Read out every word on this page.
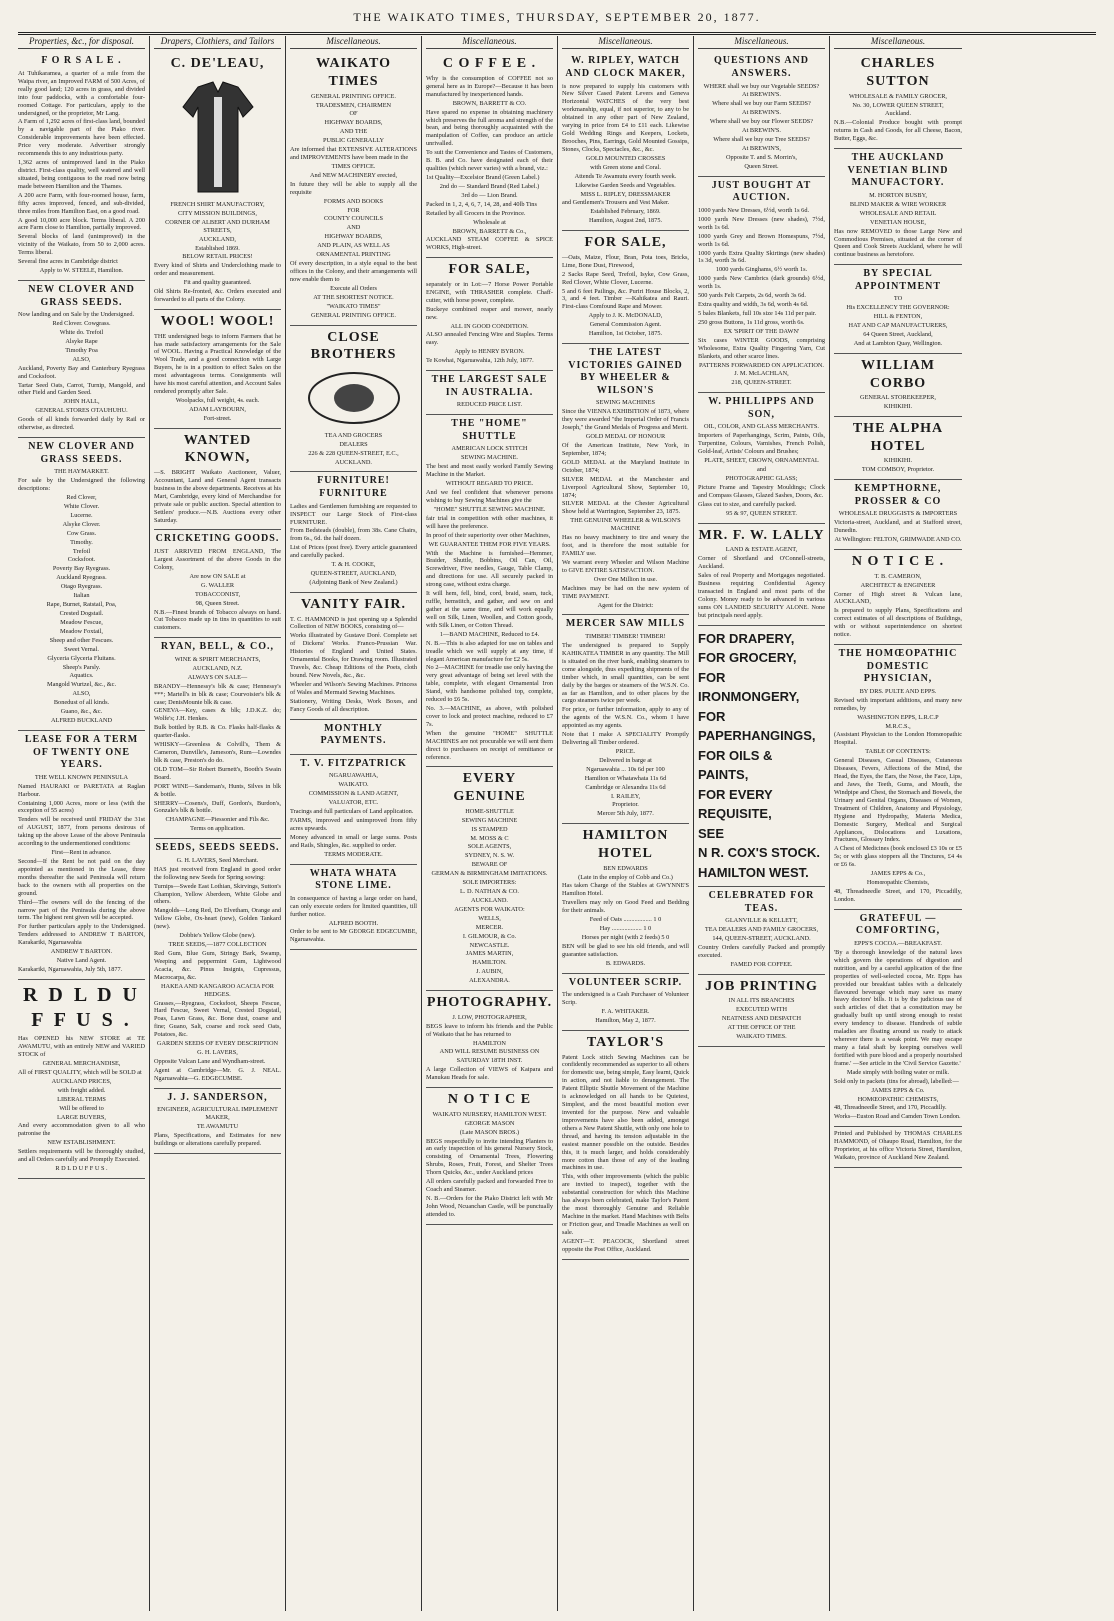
THE WAIKATO TIMES, THURSDAY, SEPTEMBER 20, 1877.
Properties, &c., for disposal.
F O R S A L E .
At Tuhikaramea, a quarter of a mile from the Waipa river, an Improved FARM of 500 Acres, of really good land; 120 acres in grass, and divided into four paddocks, with a comfortable four-roomed Cottage. For particulars, apply to the undersigned, or the proprietor, Mr Lang.
A Farm of 1,292 acres of first-class land, bounded by a navigable part of the Piako river. Considerable improvements have been effected. Price very moderate. Advertiser strongly recommends this to any industrious party.
1,362 acres of unimproved land in the Piako district. First-class quality, well watered and well situated, being contiguous to the road now being made between Hamilton and the Thames.
A 200 acre Farm, with four-roomed house, farm, fifty acres improved, fenced, and sub-divided, three miles from Hamilton East, on a good road.
A good 10,000 acre block. Terms liberal. A 200 acre Farm close to Hamilton, partially improved.
Several blocks of land (unimproved) in the vicinity of the Waikato, from 50 to 2,000 acres. Terms liberal.
Several fine acres in Cambridge district
Apply to W. STEELE, Hamilton.
NEW CLOVER AND GRASS SEEDS.
Now landing and on Sale by the Undersigned.
Red Clover. Cowgrass.
White do. Trefoil
Alsyke Rape
Timothy Poa
ALSO,
Auckland, Poverty Bay and Canterbury Ryegrass and Cocksfoot.
Tartar Seed Oats, Carrot, Turnip, Mangold, and other Field and Garden Seed.
JOHN HALL,
GENERAL STORES OTAUHUHU.
Goods of all kinds forwarded daily by Rail or otherwise, as directed.
NEW CLOVER AND GRASS SEEDS.
THE HAYMARKET.
For sale by the Undersigned the following descriptions:
Red Clover,
White Clover.
Lucerne.
Alsyke Clover.
Cow Grass.
Timothy.
Trefoil
Cocksfoot.
Poverty Bay Ryegrass.
Auckland Ryegrass.
Otago Ryegrass.
Italian
Rape, Burnet, Ratstail, Poa,
Crested Dogstail.
Meadow Fescue,
Meadow Foxtail,
Sheep and other Fescues.
Sweet Vernal.
Glyceria Glyceria Fluitans.
Sheep's Parsly.
Aquatics.
Mangold Wurtzel, &c., &c.
ALSO,
Bonedust of all kinds.
Guano, &c., &c.
ALFRED BUCKLAND
LEASE FOR A TERM OF TWENTY ONE YEARS.
THE WELL KNOWN PENINSULA
Named HAURAKI or PARETATA at Raglan Harbour.
Containing 1,000 Acres, more or less (with the exception of 55 acres)
Tenders will be received until FRIDAY the 31st of AUGUST, 1877, from persons desirous of taking up the above Lease of the above Peninsula according to the undermentioned conditions:
First—Rent in advance.
Second—If the Rent be not paid on the day appointed as mentioned in the Lease, three months thereafter the said Peninsula will return back to the owners with all properties on the ground.
Third—The owners will do the fencing of the narrow part of the Peninsula during the above term. The highest rent given will be accepted.
For further particulars apply to the Undersigned. Tenders addressed to ANDREW T BARTON, Karakariki, Ngaruawahia
ANDREW T BARTON.
Native Land Agent.
Karakariki, Ngaruawahia, July 5th, 1877.
R D L D U F F U S .
Has OPENED his NEW STORE at TE AWAMUTU, with an entirely NEW and VARIED STOCK of
GENERAL MERCHANDISE,
All of FIRST QUALITY, which will be SOLD at
AUCKLAND PRICES,
with freight added.
LIBERAL TERMS
Will be offered to
LARGE BUYERS,
And every accommodation given to all who patronise the
NEW ESTABLISHMENT.
Settlers requirements will be thoroughly studied, and all Orders carefully and Promptly Executed.
R D L D U F F U S .
Drapers, Clothiers, and Tailors
C. DE'LEAU,
FRENCH SHIRT MANUFACTORY,
CITY MISSION BUILDINGS,
CORNER OF ALBERT AND DURHAM STREETS,
AUCKLAND,
Established 1869.
BELOW RETAIL PRICES!
Every kind of Shirts and Underclothing made to order and measurement.
Fit and quality guaranteed.
Old Shirts Re-fronted, &c. Orders executed and forwarded to all parts of the Colony.
WOOL! WOOL!
THE undersigned begs to inform Farmers that he has made satisfactory arrangements for the Sale of WOOL. Having a Practical Knowledge of the Wool Trade, and a good connection with Large Buyers, he is in a position to effect Sales on the most advantageous terms. Consignments will have his most careful attention, and Account Sales rendered promptly after Sale.
Woolpacks, full weight, 4s. each.
ADAM LAYBOURN,
Fort-street.
WANTED KNOWN,
—S. BRIGHT Waikato Auctioneer, Valuer, Accountant, Land and General Agent transacts business in the above departments. Receives at his Mart, Cambridge, every kind of Merchandise for private sale or public auction. Special attention to Settlers' produce.—N.B. Auctions every other Saturday.
CRICKETING GOODS.
JUST ARRIVED FROM ENGLAND, The Largest Assortment of the above Goods in the Colony,
Are now ON SALE at
G. WALLER
TOBACCONIST,
98, Queen Street.
N.B.—Finest brands of Tobacco always on hand. Cut Tobacco made up in tins in quantities to suit customers.
RYAN, BELL, & CO.,
WINE & SPIRIT MERCHANTS,
AUCKLAND, N.Z.
ALWAYS ON SALE—
BRANDY—Hennessy's blk & case; Hennessy's ***; Martell's in blk & case; Courvoisier's blk & case; DenisMounie blk & case.
GENEVA—Key, cases & blk; J.D.K.Z. do; Wolfe's; J.H. Henkes.
Bulk bottled by R.B. & Co. Flasks half-flasks & quarter-flasks.
WHISKY—Greenless & Colvill's, Them & Cameron, Dunville's, Jameson's, Rum—Lowndes blk & case, Preston's do do.
OLD TOM—Sir Robert Burnett's, Booth's Swain Board.
PORT WINE—Sandeman's, Hunts, Silves in blk & bottle.
SHERRY—Cosens's, Duff, Gordon's, Burdon's, Gonzale's blk & bottle.
CHAMPAGNE—Piessonier and Fils &c.
Terms on application.
SEEDS, SEEDS SEEDS.
G. H. LAVERS, Seed Merchant.
HAS just received from England in good order the following new Seeds for Spring sowing:
Turnips—Swede East Lothian, Skirvings, Sutton's Champion, Yellow Aberdeen, White Globe and others.
Mangolds—Long Red, Do Elvetham, Orange and Yellow Globe, Ox-heart (new), Golden Tankard (new).
Dobbie's Yellow Globe (new).
TREE SEEDS,—1877 COLLECTION
Red Gum, Blue Gum, Stringy Bark, Swamp, Weeping and peppermint Gum, Lightwood Acacia, &c. Pinus Insignis, Cupressus, Macrocarpa, &c.
HAKEA AND KANGAROO ACACIA FOR HEDGES.
Grasses,—Ryegrass, Cocksfoot, Sheeps Fescue, Hard Fescue, Sweet Vernal, Crested Dogstail, Poas, Lawn Grass, &c. Bone dust, coarse and fine; Guano, Salt, coarse and rock seed Oats, Potatoes, &c.
GARDEN SEEDS OF EVERY DESCRIPTION
G. H. LAVERS,
Opposite Vulcan Lane and Wyndham-street.
Agent at Cambridge—Mr. G. J. NEAL. Ngaruawahia—G. EDGECUMBE.
J. J. SANDERSON,
ENGINEER, AGRICULTURAL IMPLEMENT MAKER,
TE AWAMUTU
Plans, Specifications, and Estimates for new buildings or alterations carefully prepared.
Miscellaneous.
WAIKATO TIMES
GENERAL PRINTING OFFICE.
TRADESMEN, CHAIRMEN
OF
HIGHWAY BOARDS,
AND THE
PUBLIC GENERALLY
Are informed that EXTENSIVE ALTERATIONS and IMPROVEMENTS have been made in the
TIMES OFFICE.
And NEW MACHINERY erected,
In future they will be able to supply all the requisite
FORMS AND BOOKS
FOR
COUNTY COUNCILS
AND
HIGHWAY BOARDS,
AND PLAIN, AS WELL AS
ORNAMENTAL PRINTING
Of every description, in a style equal to the best offices in the Colony, and their arrangements will now enable them to
Execute all Orders
AT THE SHORTEST NOTICE.
"WAIKATO TIMES"
GENERAL PRINTING OFFICE.
CLOSE BROTHERS
TEA AND GROCERS
DEALERS
226 & 228 QUEEN-STREET, E.C.,
AUCKLAND.
FURNITURE! FURNITURE
Ladies and Gentlemen furnishing are requested to INSPECT our Large Stock of First-class FURNITURE.
From Bedsteads (double), from 38s. Cane Chairs, from 6s., 6d. the half dozen.
List of Prices (post free). Every article guaranteed and carefully packed.
T. & H. COOKE,
QUEEN-STREET, AUCKLAND,
(Adjoining Bank of New Zealand.)
VANITY FAIR.
T. C. HAMMOND is just opening up a Splendid Collection of NEW BOOKS, consisting of—
Works illustrated by Gustave Doré. Complete set of Dickens' Works. Franco-Prussian War. Histories of England and United States. Ornamental Books, for Drawing room. Illustrated Travels, &c. Cheap Editions of the Poets, cloth bound. New Novels, &c., &c.
Wheeler and Wilson's Sewing Machines. Princess of Wales and Mermaid Sewing Machines.
Stationery, Writing Desks, Work Boxes, and Fancy Goods of all description.
MONTHLY PAYMENTS.
T. V. FITZPATRICK
NGARUAWAHIA,
WAIKATO.
COMMISSION & LAND AGENT,
VALUATOR, ETC.
Tracings and full particulars of Land application.
FARMS, improved and unimproved from fifty acres upwards.
Money advanced in small or large sums. Posts and Rails, Shingles, &c. supplied to order.
TERMS MODERATE.
WHATA WHATA STONE LIME.
In consequence of having a large order on hand, can only execute orders for limited quantities, till further notice.
ALFRED BOOTH.
Order to be sent to Mr GEORGE EDGECUMBE, Ngaruawahia.
Miscellaneous.
C O F F E E .
Why is the consumption of COFFEE not so general here as in Europe?—Because it has been manufactured by inexperienced hands.
BROWN, BARRETT & CO.
Have spared no expense in obtaining machinery which preserves the full aroma and strength of the bean, and being thoroughly acquainted with the manipulation of Coffee, can produce an article unrivalled.
To suit the Convenience and Tastes of Customers, B. B. and Co. have designated each of their qualities (which never varies) with a brand, viz.:
1st Quality—Excelsior Brand (Green Label.)
2nd do — Standard Brand (Red Label.)
3rd do — Lion Brand.
Packed in 1, 2, 4, 6, 7, 14, 28, and 40lb Tins
Retailed by all Grocers in the Province.
Wholesale at
BROWN, BARRETT & Co.,
AUCKLAND STEAM COFFEE & SPICE WORKS, High-street.
FOR SALE,
separately or in Lot:—7 Horse Power Portable ENGINE, with THRASHER complete. Chaff-cutter, with horse power, complete.
Buckeye combined reaper and mower, nearly new.
ALL IN GOOD CONDITION.
ALSO annealed Fencing Wire and Staples. Terms easy.
Apply to HENRY BYRON.
Te Kowhai, Ngaruawahia, 12th July, 1877.
THE LARGEST SALE IN AUSTRALIA.
REDUCED PRICE LIST.
THE "HOME" SHUTTLE
AMERICAN LOCK STITCH
SEWING MACHINE.
The best and most easily worked Family Sewing Machine in the Market.
WITHOUT REGARD TO PRICE.
And we feel confident that whenever persons wishing to buy Sewing Machines give the
"HOME" SHUTTLE SEWING MACHINE.
fair trial in competition with other machines, it will have the preference.
In proof of their superiority over other Machines,
WE GUARANTEE THEM FOR FIVE YEARS.
With the Machine is furnished—Hemmer, Braider, Shuttle, Bobbins, Oil Can, Oil, Screwdriver, Five needles, Gauge, Table Clamp, and directions for use. All securely packed in strong case, without extra charge.
It will hem, fell, bind, cord, braid, seam, tuck, ruffle, hemstitch, and gather, and sew on and gather at the same time, and will work equally well on Silk, Linen, Woollen, and Cotton goods, with Silk Linen, or Cotton Thread.
1—BAND MACHINE, Reduced to £4.
N. B.—This is also adapted for use on tables and treadle which we will supply at any time, if elegant American manufacture for £2 5s.
No 2—MACHINE for treadle use only having the very great advantage of being set level with the table, complete, with elegant Ornamental Iron Stand, with handsome polished top, complete, reduced to £6 5s.
No. 3.—MACHINE, as above, with polished cover to lock and protect machine, reduced to £7 7s.
When the genuine "HOME" SHUTTLE MACHINES are not procurable we will sent them direct to purchasers on receipt of remittance or reference.
EVERY GENUINE
HOME-SHUTTLE
SEWING MACHINE
IS STAMPED
M. MOSS & C
SOLE AGENTS,
SYDNEY, N. S. W.
BEWARE OF
GERMAN & BIRMINGHAM IMITATIONS.
SOLE IMPORTERS:
L. D. NATHAN & CO.
AUCKLAND.
AGENTS FOR WAIKATO:
WELLS,
MERCER.
I. GILMOUR, & Co.
NEWCASTLE.
JAMES MARTIN,
HAMILTON.
J. AUBIN,
ALEXANDRA.
PHOTOGRAPHY.
J. LOW, PHOTOGRAPHER,
BEGS leave to inform his friends and the Public of Waikato that he has returned to
HAMILTON
AND WILL RESUME BUSINESS ON
SATURDAY 18TH INST.
A large Collection of VIEWS of Kaipara and Manukau Heads for sale.
N O T I C E
WAIKATO NURSERY, HAMILTON WEST.
GEORGE MASON
(Late MASON BROS.)
BEGS respectfully to invite intending Planters to an early inspection of his general Nursery Stock, consisting of Ornamental Trees, Flowering Shrubs, Roses, Fruit, Forest, and Shelter Trees Thorn Quicks, &c., under Auckland prices
All orders carefully packed and forwarded Free to Coach and Steamer.
N. B.—Orders for the Piako District left with Mr John Wood, Ncuanchan Castle, will be punctually attended to.
Miscellaneous.
W. RIPLEY, WATCH AND CLOCK MAKER,
is now prepared to supply his customers with New Silver Cased Patent Levers and Geneva Horizontal WATCHES of the very best workmanship, equal, if not superior, to any to be obtained in any other part of New Zealand, varying in price from £4 to £11 each. Likewise Gold Wedding Rings and Keepers, Lockets, Brooches, Pins, Earrings, Gold Mounted Gossips, Stones, Clocks, Spectacles, &c., &c.
GOLD MOUNTED CROSSES
with Green stone and Coral.
Attends Te Awamutu every fourth week.
Likewise Garden Seeds and Vegetables.
MISS L. RIPLEY, DRESSMAKER
and Gentlemen's Trousers and Vest Maker.
Established February, 1869.
Hamilton, August 2nd, 1875.
FOR SALE,
—Oats, Maize, Flour, Bran, Pota toes, Bricks, Lime, Bone Dust, Firewood,
2 Sacks Rape Seed, Trefoil, Isyke, Cow Grass, Red Clover, White Clover, Lucerne.
5 and 6 feet Pailings, &c. Puriri House Blocks, 2, 3, and 4 feet. Timber —Kahikatea and Rauri. First-class Comfound Rape and Mower.
Apply to J. K. McDONALD,
General Commission Agent.
Hamilton, 1st October, 1875.
THE LATEST VICTORIES GAINED BY WHEELER & WILSON'S
SEWING MACHINES
Since the VIENNA EXHIBITION of 1873, where they were awarded "the Imperial Order of Francis Joseph," the Grand Medals of Progress and Merit.
GOLD MEDAL OF HONOUR
Of the American Institute, New York, in September, 1874;
GOLD MEDAL at the Maryland Institute in October, 1874;
SILVER MEDAL at the Manchester and Liverpool Agricultural Show, September 10, 1874;
SILVER MEDAL at the Chester Agricultural Show held at Warrington, September 23, 1875.
THE GENUINE WHEELER & WILSON'S MACHINE
Has no heavy machinery to tire and weary the foot, and is therefore the most suitable for FAMILY use.
We warrant every Wheeler and Wilson Machine to GIVE ENTIRE SATISFACTION.
Over One Million in use.
Machines may be had on the new system of TIME PAYMENT.
Agent for the District:
MERCER SAW MILLS
TIMBER! TIMBER! TIMBER!
The undersigned is prepared to Supply KAHIKATEA TIMBER in any quantity. The Mill is situated on the river bank, enabling steamers to come alongside, thus expediting shipments of the timber which, in small quantities, can be sent daily by the barges or steamers of the W.S.N. Co. as far as Hamilton, and to other places by the cargo steamers twice per week.
For price, or further information, apply to any of the agents of the W.S.N. Co., whom I have appointed as my agents.
Note that I make A SPECIALITY Promptly Delivering all Timber ordered.
PRICE.
Delivered in barge at
Ngaruawahia ... 10s 6d per 100
Hamilton or Whatawhata 11s 6d
Cambridge or Alexandra 11s 6d
I. RAILEY,
Proprietor.
Mercer 5th July, 1877.
HAMILTON HOTEL
BEN EDWARDS
(Late in the employ of Cobb and Co.)
Has taken Charge of the Stables at GWYNNE'S Hamilton Hotel.
Travellers may rely on Good Feed and Bedding for their animals.
Feed of Oats .................. 1 0
Hay ................... 1 0
Horses per night (with 2 feeds) 5 0
BEN will be glad to see his old friends, and will guarantee satisfaction.
B. EDWARDS.
VOLUNTEER SCRIP.
The undersigned is a Cash Purchaser of Volunteer Scrip.
F. A. WHITAKER.
Hamilton, May 2, 1877.
TAYLOR'S
Patent Lock stitch Sewing Machines can be confidently recommended as superior to all others for domestic use, being simple, Easy learnt, Quick in action, and not liable to derangement. The Patent Elliptic Shuttle Movement of the Machine is acknowledged on all hands to be Quietest, Simplest, and the most beautiful motion ever invented for the purpose. New and valuable improvements have also been added, amongst others a New Patent Shuttle, with only one hole to thread, and having its tension adjustable in the easiest manner possible on the outside. Besides this, it is much larger, and holds considerably more cotton than those of any of the leading machines in use.
This, with other improvements (which the public are invited to inspect), together with the substantial construction for which this Machine has always been celebrated, make Taylor's Patent the most thoroughly Genuine and Reliable Machine in the market. Hand Machines with Belts or Friction gear, and Treadle Machines as well on sale.
AGENT—T. PEACOCK, Shortland street opposite the Post Office, Auckland.
Miscellaneous.
QUESTIONS AND ANSWERS.
WHERE shall we buy our Vegetable SEEDS?
At BREWIN'S.
Where shall we buy our Farm SEEDS?
At BREWIN'S.
Where shall we buy our Flower SEEDS?
At BREWIN'S.
Where shall we buy our Tree SEEDS?
At BREWIN'S,
Opposite T. and S. Morrin's,
Queen Street.
JUST BOUGHT AT AUCTION.
1000 yards New Dresses, 6½d, worth 1s 6d.
1000 yards New Dresses (new shades), 7½d, worth 1s 6d.
1000 yards Grey and Brown Homespuns, 7½d, worth 1s 6d.
1000 yards Extra Quality Skirtings (new shades) 1s 3d, worth 3s 6d.
1000 yards Ginghams, 6½ worth 1s.
1000 yards New Cambrics (dark grounds) 6½d, worth 1s.
500 yards Felt Carpets, 2s 6d, worth 3s 6d.
Extra quality and width, 3s 6d, worth 4s 6d.
5 bales Blankets, full 10s size 14s 11d per pair.
250 gross Buttons, 1s 11d gross, worth 6s.
EX 'SPIRIT OF THE DAWN'
Six cases WINTER GOODS, comprising Wholesome, Extra Quality Fingering Yarn, Cut Blankets, and other scarce lines.
PATTERNS FORWARDED ON APPLICATION.
J. M. McLACHLAN,
218, QUEEN-STREET.
W. PHILLIPPS AND SON,
OIL, COLOR, AND GLASS MERCHANTS.
Importers of Paperhangings, Scrim, Paints, Oils, Turpentine, Colours, Varnishes, French Polish, Gold-leaf, Artists' Colours and Brushes;
PLATE, SHEET, CROWN, ORNAMENTAL
and
PHOTOGRAPHIC GLASS;
Picture Frame and Tapestry Mouldings; Clock and Compass Glasses, Glazed Sashes, Doors, &c.
Glass cut to size, and carefully packed.
95 & 97, QUEEN STREET.
MR. F. W. LALLY
LAND & ESTATE AGENT,
Corner of Shortland and O'Connell-streets, Auckland.
Sales of real Property and Mortgages negotiated. Business requiring Confidential Agency transacted in England and most parts of the Colony. Money ready to be advanced in various sums ON LANDED SECURITY ALONE. None but principals need apply.
FOR DRAPERY,
FOR GROCERY,
FOR IRONMONGERY,
FOR PAPERHANGINGS,
FOR OILS & PAINTS,
FOR EVERY REQUISITE,
SEE
N R. COX'S STOCK.
HAMILTON WEST.
CELEBRATED FOR TEAS.
GLANVILLE & KELLETT,
TEA DEALERS AND FAMILY GROCERS,
144, QUEEN-STREET, AUCKLAND.
Country Orders carefully Packed and promptly executed.
FAMED FOR COFFEE.
JOB PRINTING
IN ALL ITS BRANCHES
EXECUTED WITH
NEATNESS AND DESPATCH
AT THE OFFICE OF THE
WAIKATO TIMES.
Miscellaneous.
CHARLES SUTTON
WHOLESALE & FAMILY GROCER,
No. 30, LOWER QUEEN STREET,
Auckland.
N.B.—Colonial Produce bought with prompt returns in Cash and Goods, for all Cheese, Bacon, Butter, Eggs, &c.
THE AUCKLAND VENETIAN BLIND MANUFACTORY.
M. HORTON BUSBY,
BLIND MAKER & WIRE WORKER
WHOLESALE AND RETAIL
VENETIAN HOUSE,
Has now REMOVED to those Large New and Commodious Premises, situated at the corner of Queen and Cook Streets Auckland, where he will continue business as heretofore.
BY SPECIAL APPOINTMENT
TO
His EXCELLENCY THE GOVERNOR:
HILL & FENTON,
HAT AND CAP MANUFACTURERS,
64 Queen Street, Auckland,
And at Lambton Quay, Wellington.
WILLIAM CORBO
GENERAL STOREKEEPER,
KIHIKIHI.
THE ALPHA HOTEL
KIHIKIHI.
TOM COMBOY, Proprietor.
KEMPTHORNE, PROSSER & CO
WHOLESALE DRUGGISTS & IMPORTERS
Victoria-street, Auckland, and at Stafford street, Dunedin.
At Wellington: FELTON, GRIMWADE AND CO.
N O T I C E .
T. B. CAMERON,
ARCHITECT & ENGINEER
Corner of High street & Vulcan lane, AUCKLAND,
Is prepared to supply Plans, Specifications and correct estimates of all descriptions of Buildings, with or without superintendence on shortest notice.
THE HOMŒOPATHIC DOMESTIC PHYSICIAN,
BY DRS. PULTE AND EPPS.
Revised with important additions, and many new remedies, by
WASHINGTON EPPS, L.R.C.P
M.R.C.S.,
(Assistant Physician to the London Homœopathic Hospital.
TABLE OF CONTENTS:
General Diseases, Casual Diseases, Cutaneous Diseases, Fevers, Affections of the Mind, the Head, the Eyes, the Ears, the Nose, the Face, Lips, and Jaws, the Teeth, Gums, and Mouth, the Windpipe and Chest, the Stomach and Bowels, the Urinary and Genital Organs, Diseases of Women, Treatment of Children, Anatomy and Physiology, Hygiene and Hydropathy, Materia Medica, Domestic Surgery, Medical and Surgical Appliances, Dislocations and Luxations, Fractures, Glossary Index.
A Chest of Medicines (book enclosed £3 10s or £5 5s; or with glass stoppers all the Tinctures, £4 4s or £6 6s.
JAMES EPPS & Co.,
Homœopathic Chemists,
48, Threadneedle Street, and 170, Piccadilly, London.
GRATEFUL — COMFORTING,
EPPS'S COCOA.—BREAKFAST.
'By a thorough knowledge of the natural laws which govern the operations of digestion and nutrition, and by a careful application of the fine properties of well-selected cocoa, Mr. Epps has provided our breakfast tables with a delicately flavoured beverage which may save us many heavy doctors' bills. It is by the judicious use of such articles of diet that a constitution may be gradually built up until strong enough to resist every tendency to disease. Hundreds of subtle maladies are floating around us ready to attack wherever there is a weak point. We may escape many a fatal shaft by keeping ourselves well fortified with pure blood and a properly nourished frame.' —See article in the 'Civil Service Gazette.'
Made simply with boiling water or milk.
Sold only in packets (tins for abroad), labelled:—
JAMES EPPS & Co.
HOMŒOPATHIC CHEMISTS,
48, Threadneedle Street, and 170, Piccadilly.
Works—Euston Road and Camden Town London.
Printed and Published by THOMAS CHARLES HAMMOND, of Ohaupo Road, Hamilton, for the Proprietor, at his office Victoria Street, Hamilton, Waikato, province of Auckland New Zealand.
